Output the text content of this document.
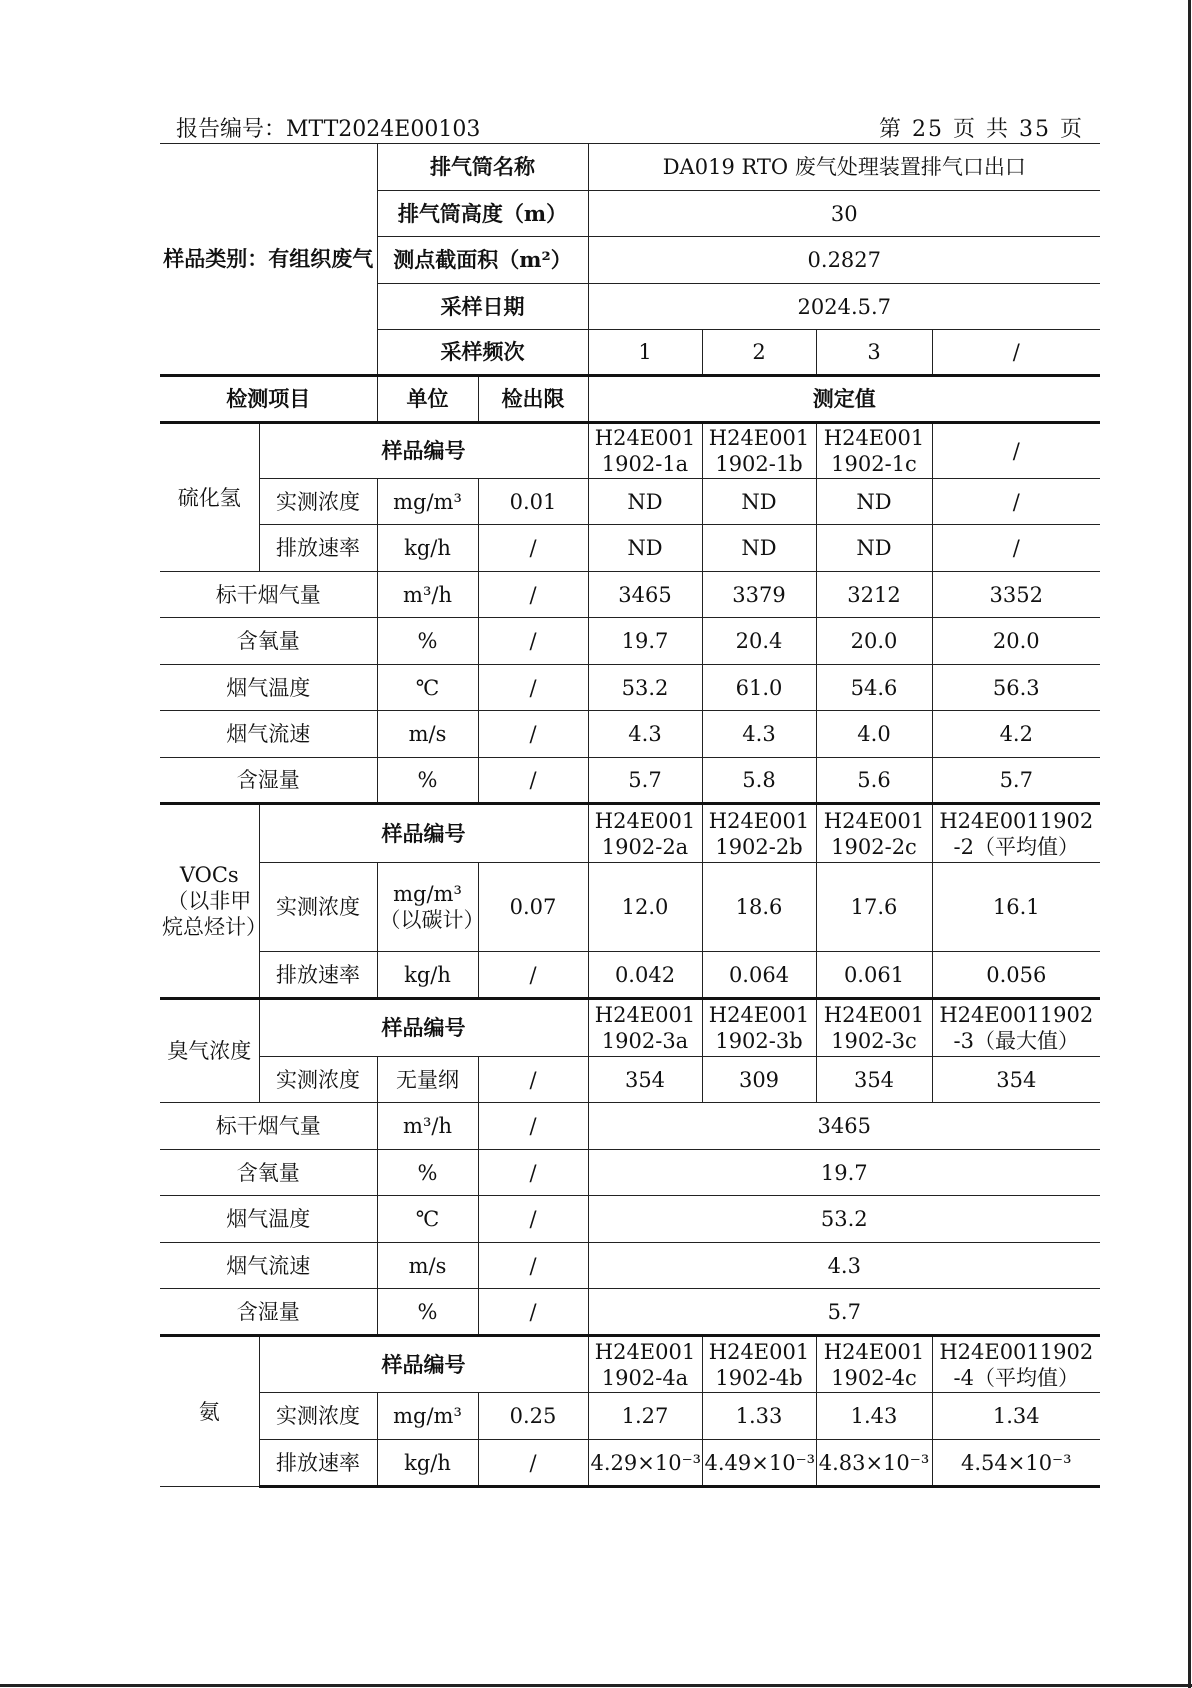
报告编号：MTT2024E00103	第 25 页 共 35 页
样品类别：有组织废气		排气筒名称		DA019 RTO 废气处理装置排气口出口			
		排气筒高度（m）		30			
		测点截面积（m²）		0.2827			
		采样日期		2024.5.7			
		采样频次		1	2	3	/
检测项目		单位	检出限	测定值			
硫化氢	样品编号			H24E001 1902-1a	H24E001 1902-1b	H24E001 1902-1c	/
	实测浓度	mg/m³	0.01	ND	ND	ND	/
	排放速率	kg/h	/	ND	ND	ND	/
标干烟气量		m³/h	/	3465	3379	3212	3352
含氧量		%	/	19.7	20.4	20.0	20.0
烟气温度		℃	/	53.2	61.0	54.6	56.3
烟气流速		m/s	/	4.3	4.3	4.0	4.2
含湿量		%	/	5.7	5.8	5.6	5.7
VOCs（以非甲烷总烃计）	样品编号			H24E001 1902-2a	H24E001 1902-2b	H24E001 1902-2c	H24E0011902 -2（平均值）
	实测浓度	mg/m³（以碳计）	0.07	12.0	18.6	17.6	16.1
	排放速率	kg/h	/	0.042	0.064	0.061	0.056
臭气浓度	样品编号			H24E001 1902-3a	H24E001 1902-3b	H24E001 1902-3c	H24E0011902 -3（最大值）
	实测浓度	无量纲	/	354	309	354	354
标干烟气量		m³/h	/	3465			
含氧量		%	/	19.7			
烟气温度		℃	/	53.2			
烟气流速		m/s	/	4.3			
含湿量		%	/	5.7			
氨	样品编号			H24E001 1902-4a	H24E001 1902-4b	H24E001 1902-4c	H24E0011902 -4（平均值）
	实测浓度	mg/m³	0.25	1.27	1.33	1.43	1.34
	排放速率	kg/h	/	4.29×10⁻³	4.49×10⁻³	4.83×10⁻³	4.54×10⁻³
